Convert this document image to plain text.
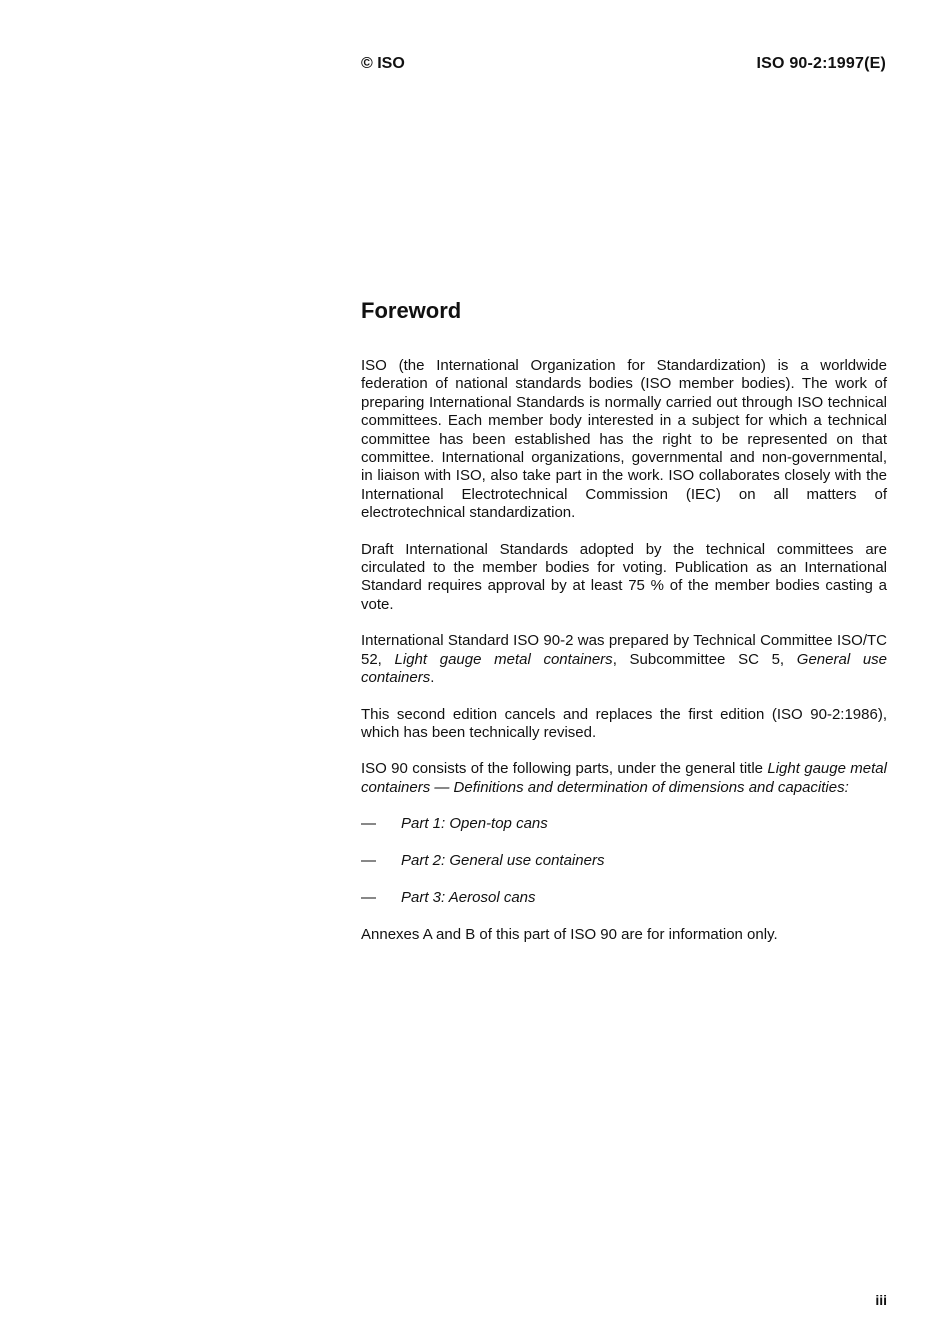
© ISO	ISO 90-2:1997(E)
Foreword

ISO (the International Organization for Standardization) is a worldwide federation of national standards bodies (ISO member bodies). The work of preparing International Standards is normally carried out through ISO technical committees. Each member body interested in a subject for which a technical committee has been established has the right to be represented on that committee. International organizations, governmental and non-governmental, in liaison with ISO, also take part in the work. ISO collaborates closely with the International Electrotechnical Commission (IEC) on all matters of electrotechnical standardization.

Draft International Standards adopted by the technical committees are circulated to the member bodies for voting. Publication as an International Standard requires approval by at least 75 % of the member bodies casting a vote.

International Standard ISO 90-2 was prepared by Technical Committee ISO/TC 52, Light gauge metal containers, Subcommittee SC 5, General use containers.

This second edition cancels and replaces the first edition (ISO 90-2:1986), which has been technically revised.

ISO 90 consists of the following parts, under the general title Light gauge metal containers — Definitions and determination of dimensions and capacities:

—	Part 1: Open-top cans
—	Part 2: General use containers
—	Part 3: Aerosol cans

Annexes A and B of this part of ISO 90 are for information only.

iii
